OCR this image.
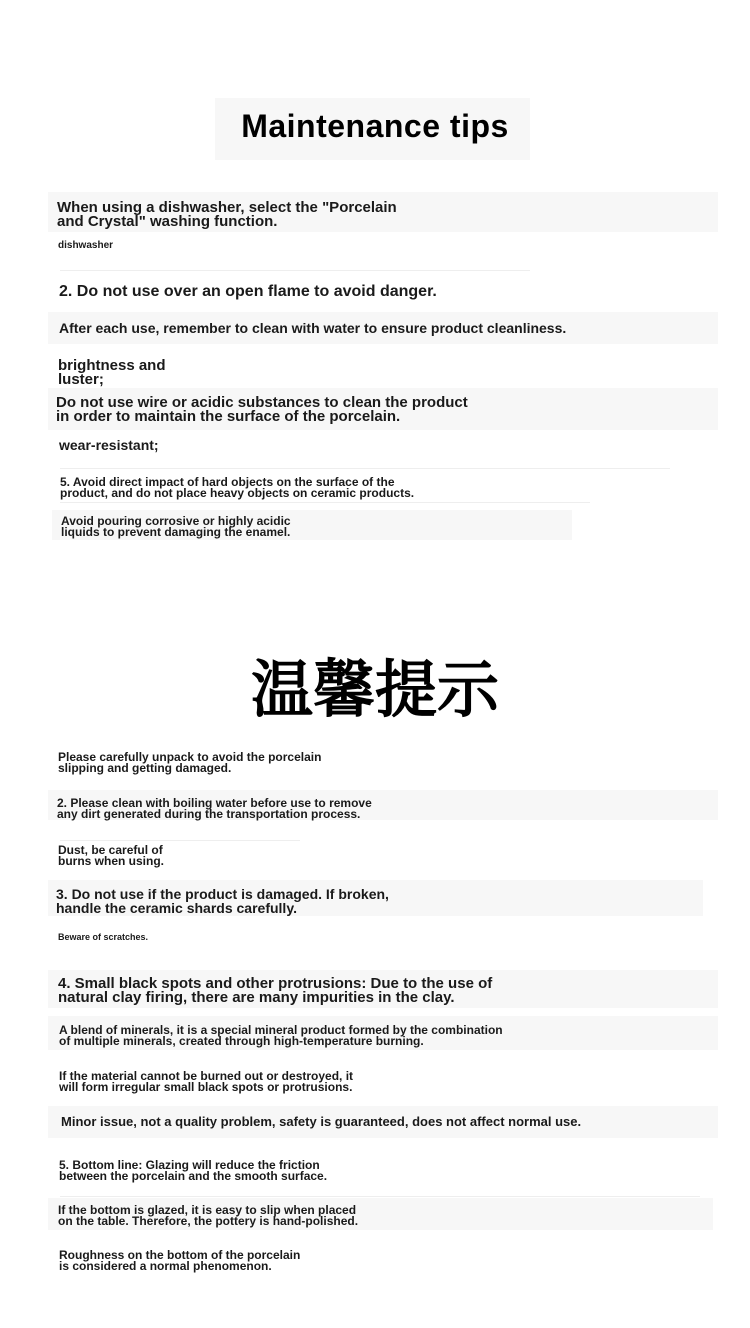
Maintenance tips

When using a dishwasher, select the "Porcelain
and Crystal" washing function.

dishwasher

2. Do not use over an open flame to avoid danger.

After each use, remember to clean with water to ensure product cleanliness.

brightness and
luster;

Do not use wire or acidic substances to clean the product
in order to maintain the surface of the porcelain.

wear-resistant;

5. Avoid direct impact of hard objects on the surface of the
product, and do not place heavy objects on ceramic products.

Avoid pouring corrosive or highly acidic
liquids to prevent damaging the enamel.

温馨提示

Please carefully unpack to avoid the porcelain
slipping and getting damaged.

2. Please clean with boiling water before use to remove
any dirt generated during the transportation process.

Dust, be careful of
burns when using.

3. Do not use if the product is damaged. If broken,
handle the ceramic shards carefully.

Beware of scratches.

4. Small black spots and other protrusions: Due to the use of
natural clay firing, there are many impurities in the clay.

A blend of minerals, it is a special mineral product formed by the combination
of multiple minerals, created through high-temperature burning.

If the material cannot be burned out or destroyed, it
will form irregular small black spots or protrusions.

Minor issue, not a quality problem, safety is guaranteed, does not affect normal use.

5. Bottom line: Glazing will reduce the friction
between the porcelain and the smooth surface.

If the bottom is glazed, it is easy to slip when placed
on the table. Therefore, the pottery is hand-polished.

Roughness on the bottom of the porcelain
is considered a normal phenomenon.
